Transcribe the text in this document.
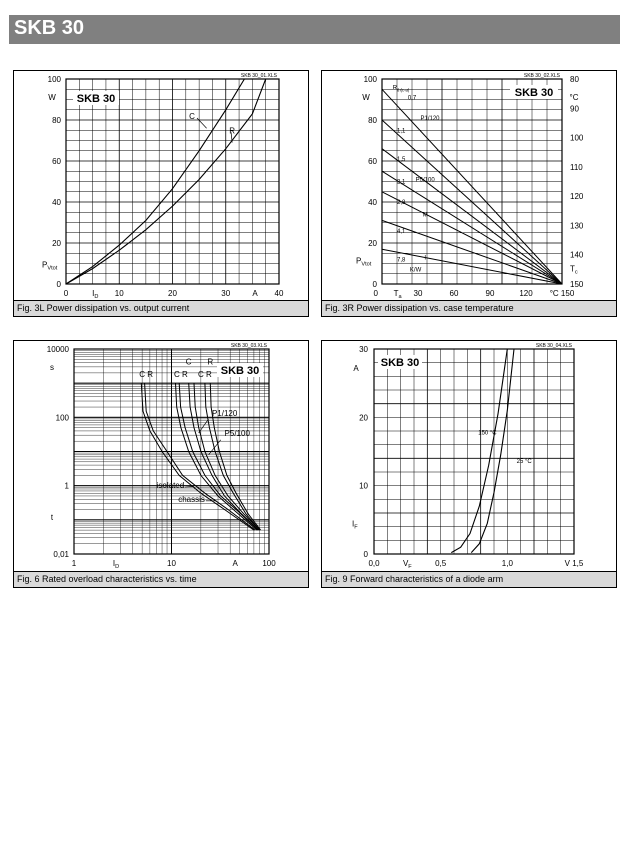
SKB 30
SKB 30_01.XLS
0
20
40
60
80
100
0	10	20	30	40
W
$P_{Vtot}$
$I_D$	A
SKB 30
C
R
Fig. 3L Power dissipation vs. output current
SKB 30_02.XLS
0
20
40
60
80
100
150
140
130
120
110
100
90
80
30	60	90	120 °C 150
0
W	°C
$P_{Vtot}$
$T_c$
$T_a$
SKB 30
$R_{th(c-a)}$
0,7
1,1
1,5
2,1
2,8
4,1
7,8
P1/120
P5/100
M
I
K/W
Fig. 3R Power dissipation vs. case temperature
SKB 30_03.XLS
0,01
1
100
10000
1	10	100
s
t
$I_D$	A
SKB 30
C R	C R C R
C R
P1/120
P5/100
isolated
chassis
Fig. 6 Rated overload characteristics vs. time
SKB 30_04.XLS
0
10
20
30
0,0	0,5	1,0	V 1,5
A
$I_F$
$V_F$
SKB 30
150 °C
25 °C
Fig. 9 Forward characteristics of a diode arm
